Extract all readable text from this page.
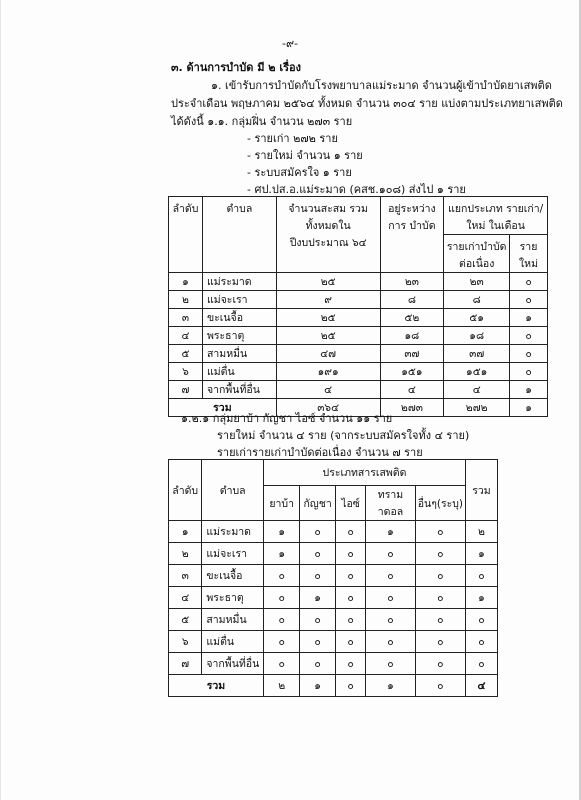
-๙-
๓. ด้านการบำบัด มี ๒ เรื่อง
๑. เข้ารับการบำบัดกับโรงพยาบาลแม่ระมาด จำนวนผู้เข้าบำบัดยาเสพติด
ประจำเดือน พฤษภาคม ๒๕๖๔ ทั้งหมด จำนวน ๓๐๔ ราย แบ่งตามประเภทยาเสพติด
ได้ดังนี้ ๑.๑. กลุ่มฝิ่น จำนวน ๒๗๓ ราย
- รายเก่า ๒๗๒ ราย
- รายใหม่ จำนวน ๑ ราย
- ระบบสมัครใจ ๑ ราย
- ศป.ปส.อ.แม่ระมาด (คสช.๑๐๘) ส่งไป ๑ ราย
ลำดับ	ตำบล	จำนวนสะสม รวมทั้งหมดใน ปีงบประมาณ ๖๔	อยู่ระหว่างการ บำบัด	แยกประเภท รายเก่า/ใหม่ ในเดือน	
				รายเก่าบำบัด ต่อเนื่อง	รายใหม่
๑	แม่ระมาด	๒๕	๒๓	๒๓	๐
๒	แม่จะเรา	๙	๘	๘	๐
๓	ขะเนจื้อ	๒๕	๕๒	๕๑	๑
๔	พระธาตุ	๒๕	๑๘	๑๘	๐
๕	สามหมื่น	๔๗	๓๗	๓๗	๐
๖	แม่ตื่น	๑๙๑	๑๕๑	๑๕๑	๐
๗	จากพื้นที่อื่น	๔	๔	๔	๑
รวม		๓๖๔	๒๗๓	๒๗๒	๑
๑.๒.๑ กลุ่มยาบ้า กัญชา ไอซ์ จำนวน ๑๑ ราย
รายใหม่ จำนวน ๔ ราย (จากระบบสมัครใจทั้ง ๔ ราย)
รายเก่ารายเก่าบำบัดต่อเนื่อง จำนวน ๗ ราย
ลำดับ	ตำบล	ประเภทสารเสพติด					รวม
		ยาบ้า	กัญชา	ไอซ์	ทรามาดอล	อื่นๆ(ระบุ)	
๑	แม่ระมาด	๑	๐	๐	๑	๐	๒
๒	แม่จะเรา	๑	๐	๐	๐	๐	๑
๓	ขะเนจื้อ	๐	๐	๐	๐	๐	๐
๔	พระธาตุ	๐	๑	๐	๐	๐	๑
๕	สามหมื่น	๐	๐	๐	๐	๐	๐
๖	แม่ตื่น	๐	๐	๐	๐	๐	๐
๗	จากพื้นที่อื่น	๐	๐	๐	๐	๐	๐
รวม		๒	๑	๐	๑	๐	๔
